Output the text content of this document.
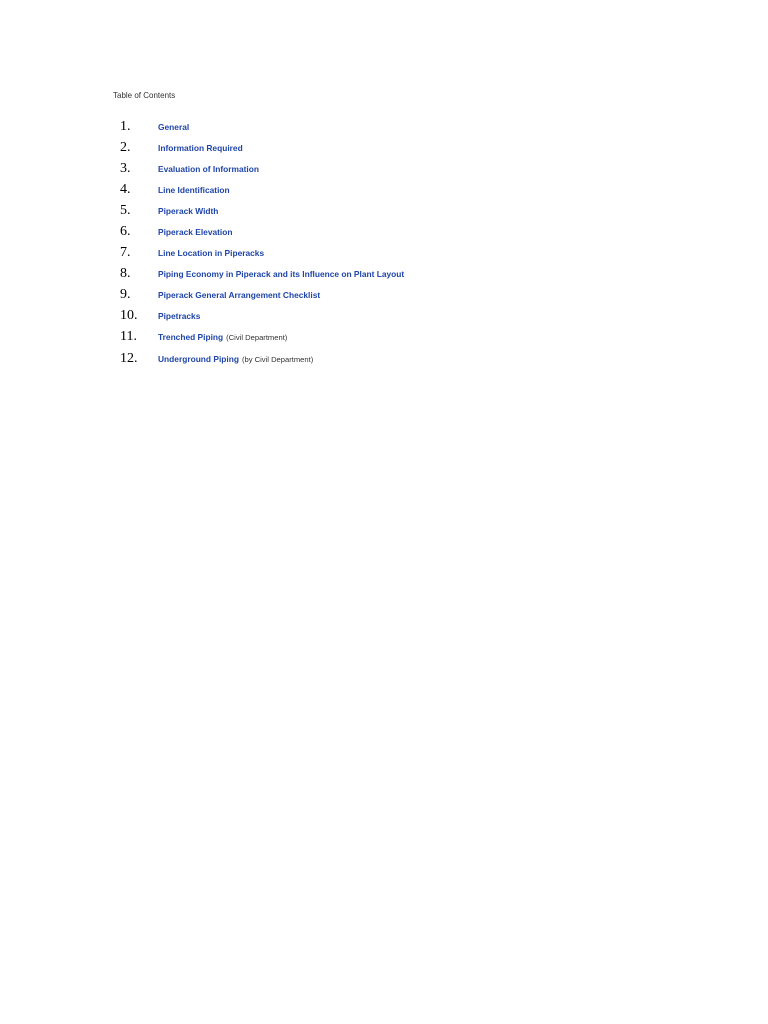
Table of Contents

1.	General
2.	Information Required
3.	Evaluation of Information
4.	Line Identification
5.	Piperack Width
6.	Piperack Elevation
7.	Line Location in Piperacks
8.	Piping Economy in Piperack and its Influence on Plant Layout
9.	Piperack General Arrangement Checklist
10.	Pipetracks
11.	Trenched Piping (Civil Department)
12.	Underground Piping (by Civil Department)
